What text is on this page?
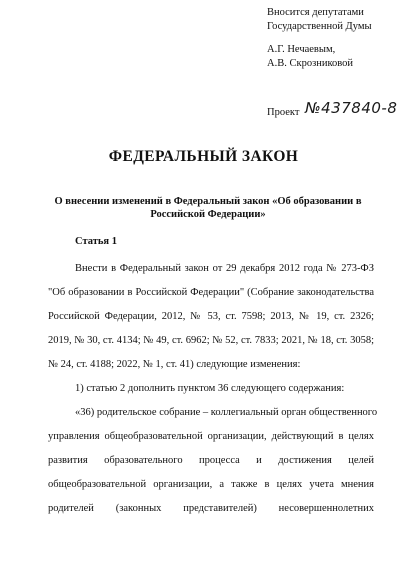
Вносится депутатами
Государственной Думы
А.Г. Нечаевым,
А.В. Скрозниковой
Проект №437840-8
ФЕДЕРАЛЬНЫЙ ЗАКОН
О внесении изменений в Федеральный закон «Об образовании в
Российской Федерации»
Статья 1
Внести в Федеральный закон от 29 декабря 2012 года № 273-ФЗ
"Об образовании в Российской Федерации" (Собрание законодательства
Российской Федерации, 2012, № 53, ст. 7598; 2013, № 19, ст. 2326;
2019, № 30, ст. 4134; № 49, ст. 6962; № 52, ст. 7833; 2021, № 18, ст. 3058;
№ 24, ст. 4188; 2022, № 1, ст. 41) следующие изменения:
1) статью 2 дополнить пунктом 36 следующего содержания:
«36) родительское собрание – коллегиальный орган общественного
управления общеобразовательной организации, действующий в целях
развития образовательного процесса и достижения целей
общеобразовательной организации, а также в целях учета мнения
родителей (законных представителей) несовершеннолетних
